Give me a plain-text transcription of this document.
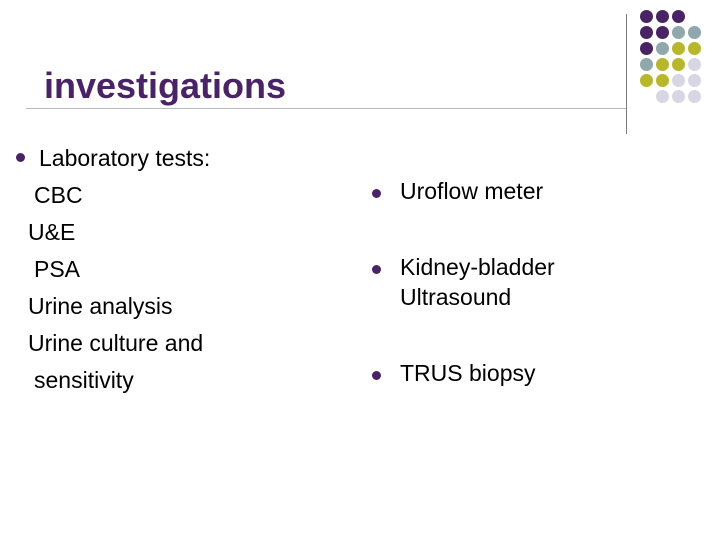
investigations
Laboratory tests:
CBC
U&E
PSA
Urine analysis
Urine culture and
sensitivity
Uroflow meter
Kidney-bladder
Ultrasound
TRUS biopsy
